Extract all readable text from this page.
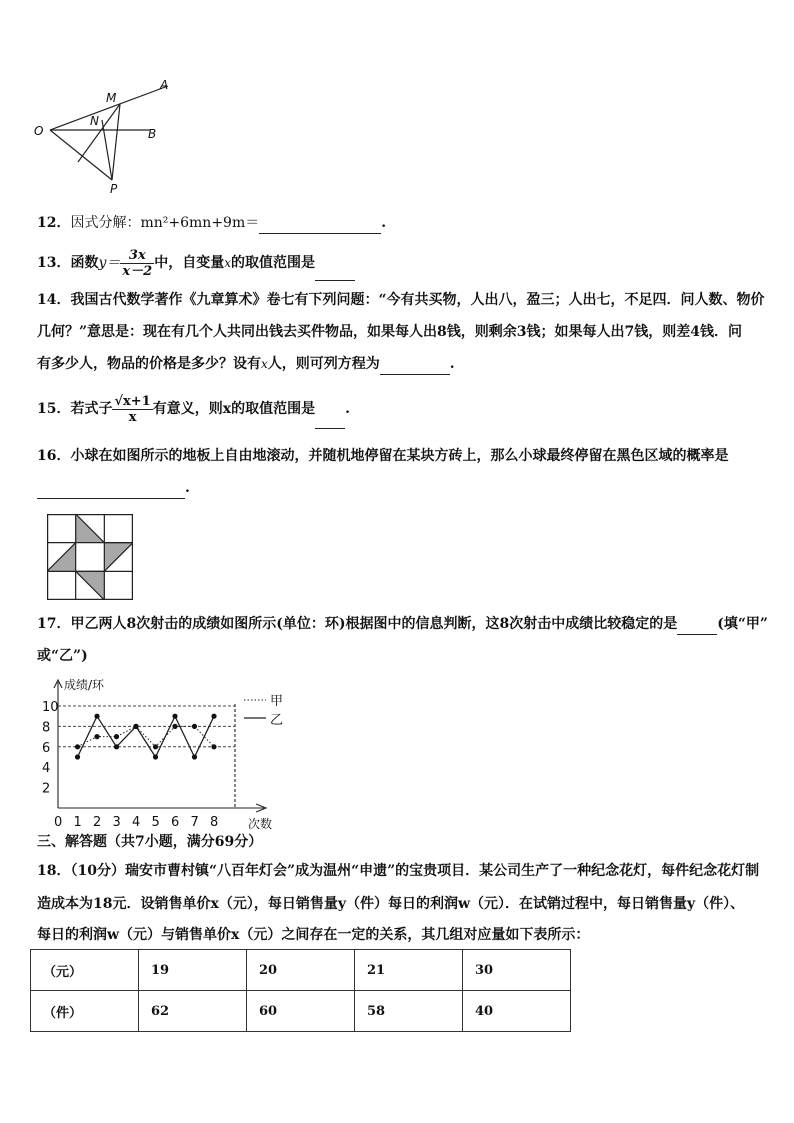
O
M
N
A
B
P
12．因式分解：mn²+6mn+9m＝	.
13．函数$y= \frac{3x}{x-2}$ 中，自变量x的取值范围是
14．我国古代数学著作《九章算术》卷七有下列问题：“今有共买物，人出八，盈三；人出七，不足四．问人数、物价
几何？”意思是：现在有几个人共同出钱去买件物品，如果每人出8钱，则剩余3钱；如果每人出7钱，则差4钱．问
有多少人，物品的价格是多少？设有x人，则可列方程为	.
15．若式子 $\frac{√x+1}{x}$ 有意义，则x的取值范围是 .
16．小球在如图所示的地板上自由地滚动，并随机地停留在某块方砖上，那么小球最终停留在黑色区域的概率是
.
17．甲乙两人8次射击的成绩如图所示(单位：环)根据图中的信息判断，这8次射击中成绩比较稳定的是	(填“甲”
或“乙”)
2
4
6
8
10
0 1 2 3 4 5 6 7 8
成绩/环
次数
甲
乙
三、解答题（共7小题，满分69分）
18．（10分）瑞安市曹村镇“八百年灯会”成为温州“申遗”的宝贵项目．某公司生产了一种纪念花灯，每件纪念花灯制
造成本为18元．设销售单价x（元），每日销售量y（件）每日的利润w（元）．在试销过程中，每日销售量y（件）、
每日的利润w（元）与销售单价x（元）之间存在一定的关系，其几组对应量如下表所示：
（元）	19	20	21	30
（件）	62	60	58	40
